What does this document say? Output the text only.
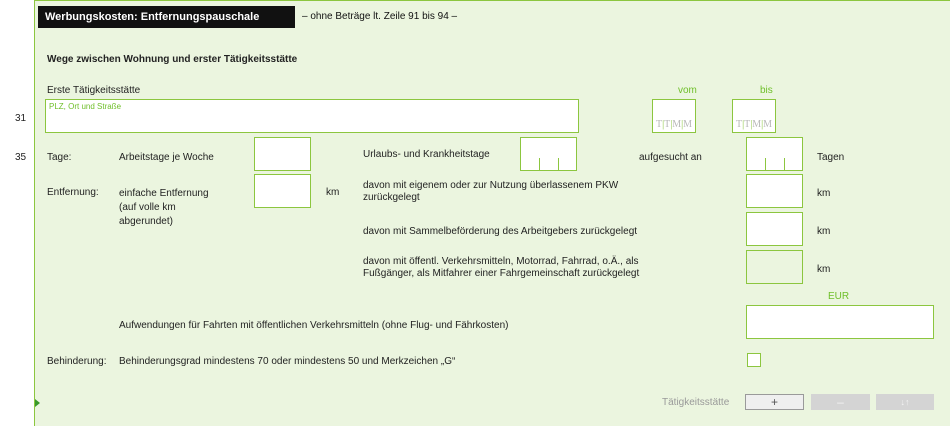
31
35
Werbungskosten: Entfernungspauschale	– ohne Beträge lt. Zeile 91 bis 94 –
Wege zwischen Wohnung und erster Tätigkeitsstätte
Erste Tätigkeitsstätte
PLZ, Ort und Straße
vom	bis
T | T | M | M	T | T | M | M
Tage:	Arbeitstage je Woche	Urlaubs- und Krankheitstage	aufgesucht an	Tagen
Entfernung: einfache Entfernung
(auf volle km
abgerundet)
km
davon mit eigenem oder zur Nutzung überlassenem PKW
zurückgelegt	km
davon mit Sammelbeförderung des Arbeitgebers zurückgelegt	km
davon mit öffentl. Verkehrsmitteln, Motorrad, Fahrrad, o.Ä., als
Fußgänger, als Mitfahrer einer Fahrgemeinschaft zurückgelegt	km
EUR
Aufwendungen für Fahrten mit öffentlichen Verkehrsmitteln (ohne Flug- und Fährkosten)
Behinderung: Behinderungsgrad mindestens 70 oder mindestens 50 und Merkzeichen „G“
Tätigkeitsstätte	+	–	↓↑
